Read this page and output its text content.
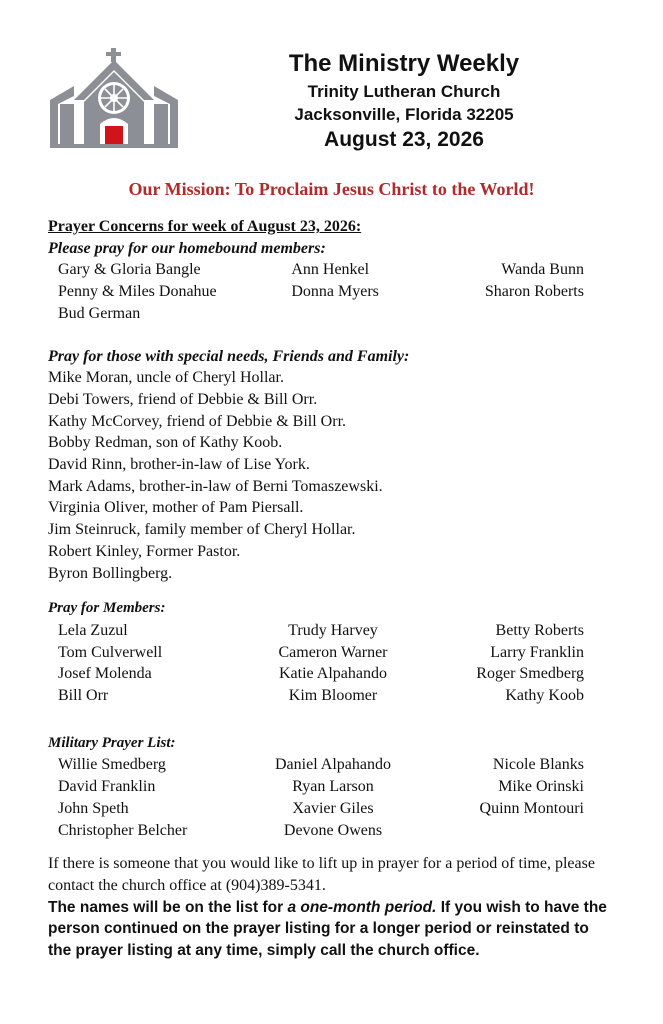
The Ministry Weekly
Trinity Lutheran Church
Jacksonville, Florida 32205
August 23, 2026
Our Mission: To Proclaim Jesus Christ to the World!
Prayer Concerns for week of August 23, 2026:
Please pray for our homebound members:
Gary & Gloria Bangle	Ann Henkel	Wanda Bunn
Penny & Miles Donahue	Donna Myers	Sharon Roberts
Bud German
Pray for those with special needs, Friends and Family:
Mike Moran, uncle of Cheryl Hollar.
Debi Towers, friend of Debbie & Bill Orr.
Kathy McCorvey, friend of Debbie & Bill Orr.
Bobby Redman, son of Kathy Koob.
David Rinn, brother-in-law of Lise York.
Mark Adams, brother-in-law of Berni Tomaszewski.
Virginia Oliver, mother of Pam Piersall.
Jim Steinruck, family member of Cheryl Hollar.
Robert Kinley, Former Pastor.
Byron Bollingberg.
Pray for Members:
Lela Zuzul	Trudy Harvey	Betty Roberts
Tom Culverwell	Cameron Warner	Larry Franklin
Josef Molenda	Katie Alpahando	Roger Smedberg
Bill Orr	Kim Bloomer	Kathy Koob
Military Prayer List:
Willie Smedberg	Daniel Alpahando	Nicole Blanks
David Franklin	Ryan Larson	Mike Orinski
John Speth	Xavier Giles	Quinn Montouri
Christopher Belcher	Devone Owens
If there is someone that you would like to lift up in prayer for a period of time, please contact the church office at (904)389-5341.
The names will be on the list for a one-month period. If you wish to have the person continued on the prayer listing for a longer period or reinstated to the prayer listing at any time, simply call the church office.
